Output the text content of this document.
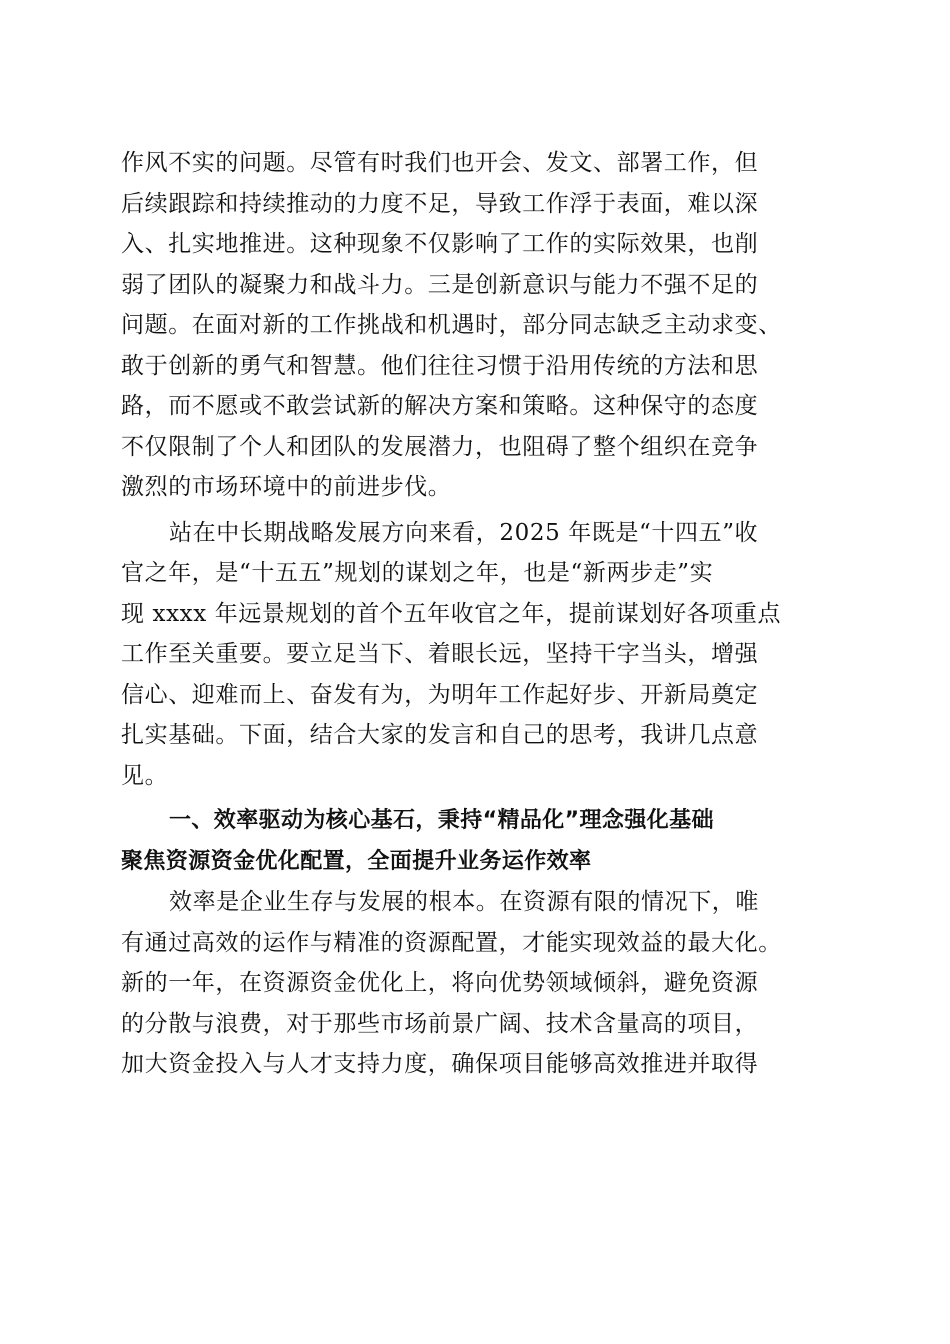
作风不实的问题。尽管有时我们也开会、发文、部署工作，但
后续跟踪和持续推动的力度不足，导致工作浮于表面，难以深
入、扎实地推进。这种现象不仅影响了工作的实际效果，也削
弱了团队的凝聚力和战斗力。三是创新意识与能力不强不足的
问题。在面对新的工作挑战和机遇时，部分同志缺乏主动求变、
敢于创新的勇气和智慧。他们往往习惯于沿用传统的方法和思
路，而不愿或不敢尝试新的解决方案和策略。这种保守的态度
不仅限制了个人和团队的发展潜力，也阻碍了整个组织在竞争
激烈的市场环境中的前进步伐。
站在中长期战略发展方向来看，2025 年既是“十四五”收
官之年，是“十五五”规划的谋划之年，也是“新两步走”实
现 xxxx 年远景规划的首个五年收官之年，提前谋划好各项重点
工作至关重要。要立足当下、着眼长远，坚持干字当头，增强
信心、迎难而上、奋发有为，为明年工作起好步、开新局奠定
扎实基础。下面，结合大家的发言和自己的思考，我讲几点意
见。
一、效率驱动为核心基石，秉持“精品化”理念强化基础
聚焦资源资金优化配置，全面提升业务运作效率
效率是企业生存与发展的根本。在资源有限的情况下，唯
有通过高效的运作与精准的资源配置，才能实现效益的最大化。
新的一年，在资源资金优化上，将向优势领域倾斜，避免资源
的分散与浪费，对于那些市场前景广阔、技术含量高的项目，
加大资金投入与人才支持力度，确保项目能够高效推进并取得
